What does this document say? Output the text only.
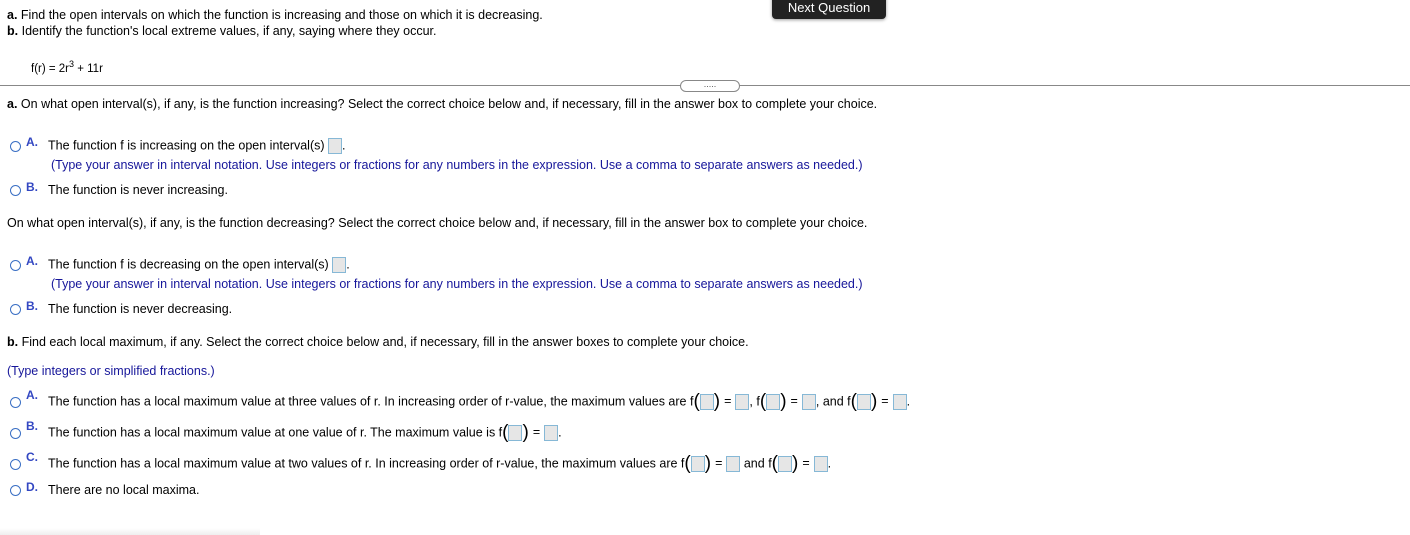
Next Question
a. Find the open intervals on which the function is increasing and those on which it is decreasing.
b. Identify the function's local extreme values, if any, saying where they occur.
$f(r) = 2r^3 + 11r$
.....
a. On what open interval(s), if any, is the function increasing? Select the correct choice below and, if necessary, fill in the answer box to complete your choice.
A. The function f is increasing on the open interval(s) .
(Type your answer in interval notation. Use integers or fractions for any numbers in the expression. Use a comma to separate answers as needed.)
B. The function is never increasing.
On what open interval(s), if any, is the function decreasing? Select the correct choice below and, if necessary, fill in the answer box to complete your choice.
A. The function f is decreasing on the open interval(s) .
(Type your answer in interval notation. Use integers or fractions for any numbers in the expression. Use a comma to separate answers as needed.)
B. The function is never decreasing.
b. Find each local maximum, if any. Select the correct choice below and, if necessary, fill in the answer boxes to complete your choice.
(Type integers or simplified fractions.)
A. The function has a local maximum value at three values of r. In increasing order of r-value, the maximum values are f( ) = , f( ) = , and f( ) = .
B. The function has a local maximum value at one value of r. The maximum value is f( ) = .
C. The function has a local maximum value at two values of r. In increasing order of r-value, the maximum values are f( ) = and f( ) = .
D. There are no local maxima.
